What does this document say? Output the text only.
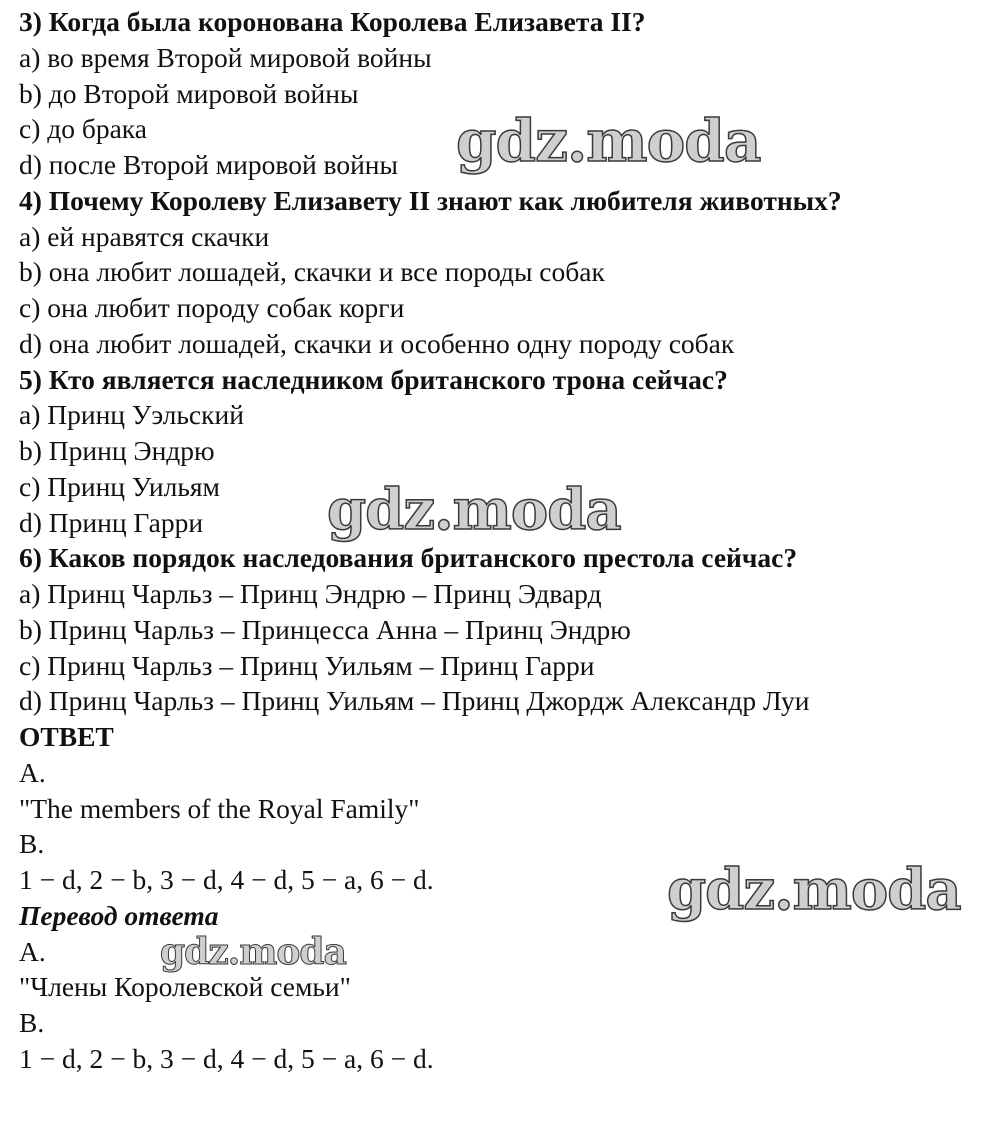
3) Когда была коронована Королева Елизавета II?
a) во время Второй мировой войны
b) до Второй мировой войны
c) до брака
d) после Второй мировой войны
4) Почему Королеву Елизавету II знают как любителя животных?
a) ей нравятся скачки
b) она любит лошадей, скачки и все породы собак
c) она любит породу собак корги
d) она любит лошадей, скачки и особенно одну породу собак
5) Кто является наследником британского трона сейчас?
a) Принц Уэльский
b) Принц Эндрю
c) Принц Уильям
d) Принц Гарри
6) Каков порядок наследования британского престола сейчас?
a) Принц Чарльз – Принц Эндрю – Принц Эдвард
b) Принц Чарльз – Принцесса Анна – Принц Эндрю
c) Принц Чарльз – Принц Уильям – Принц Гарри
d) Принц Чарльз – Принц Уильям – Принц Джордж Александр Луи
ОТВЕТ
A.
"The members of the Royal Family"
B.
1 − d, 2 − b, 3 − d, 4 − d, 5 − a, 6 − d.
Перевод ответа
A.
"Члены Королевской семьи"
B.
1 − d, 2 − b, 3 − d, 4 − d, 5 − a, 6 − d.
gdz.moda
gdz.moda
gdz.moda
gdz.moda
